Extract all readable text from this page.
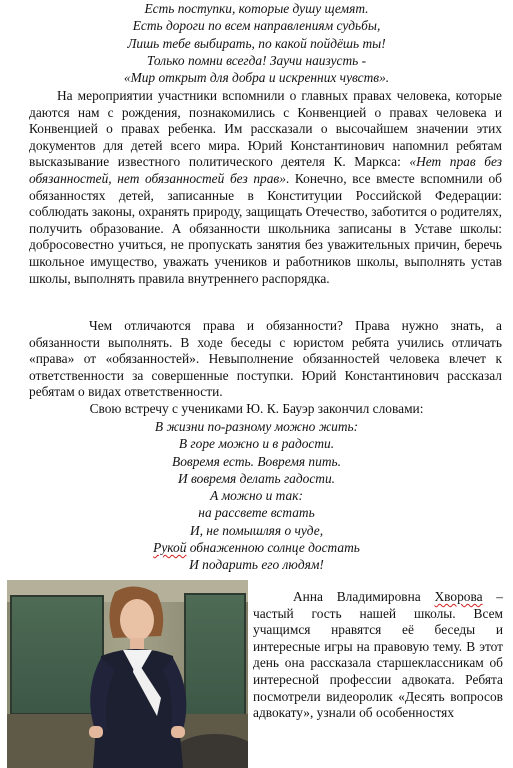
Есть поступки, которые душу щемят.
Есть дороги по всем направлениям судьбы,
Лишь тебе выбирать, по какой пойдёшь ты!
Только помни всегда! Заучи наизусть -
«Мир открыт для добра и искренних чувств».

На мероприятии участники вспомнили о главных правах человека, которые даются нам с рождения, познакомились с Конвенцией о правах человека и Конвенцией о правах ребенка. Им рассказали о высочайшем значении этих документов для детей всего мира. Юрий Константинович напомнил ребятам высказывание известного политического деятеля К. Маркса: «Нет прав без обязанностей, нет обязанностей без прав». Конечно, все вместе вспомнили об обязанностях детей, записанные в Конституции Российской Федерации: соблюдать законы, охранять природу, защищать Отечество, заботится о родителях, получить образование. А обязанности школьника записаны в Уставе школы: добросовестно учиться, не пропускать занятия без уважительных причин, беречь школьное имущество, уважать учеников и работников школы, выполнять устав школы, выполнять правила внутреннего распорядка.

Чем отличаются права и обязанности? Права нужно знать, а обязанности выполнять. В ходе беседы с юристом ребята учились отличать «права» от «обязанностей». Невыполнение обязанностей человека влечет к ответственности за совершенные поступки. Юрий Константинович рассказал ребятам о видах ответственности.

Свою встречу с учениками Ю. К. Бауэр закончил словами:
В жизни по-разному можно жить:
В горе можно и в радости.
Вовремя есть. Вовремя пить.
И вовремя делать гадости.
А можно и так:
на рассвете встать
И, не помышляя о чуде,
Рукой обнаженною солнце достать
И подарить его людям!

Анна Владимировна Хворова – частый гость нашей школы. Всем учащимся нравятся её беседы и интересные игры на правовую тему. В этот день она рассказала старшеклассникам об интересной профессии адвоката. Ребята посмотрели видеоролик «Десять вопросов адвокату», узнали об особенностях
